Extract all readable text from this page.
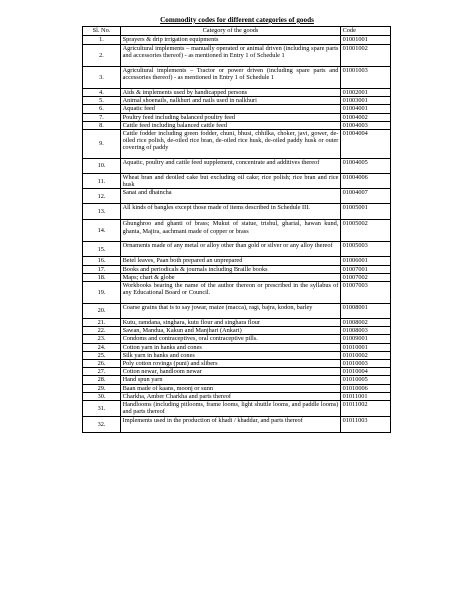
Commodity codes for different categories of goods
Sl. No.	Category of the goods	Code
1.	Sprayers & drip irrigation equipments	01001001
2.	Agricultural implements – manually operated or animal driven (including spare parts and accessories thereof) - as mentioned in Entry 1 of Schedule 1	01001002
3.	Agricultural implements – Tractor or power driven (including spare parts and accessories thereof) - as mentioned in Entry 1 of Schedule 1	01001003
4.	Aids & implements used by handicapped persons	01002001
5.	Animal shoenails, nalkhuri and nails used in nalkhuri	01003001
6.	Aquatic feed	01004001
7.	Poultry feed including balanced poultry feed	01004002
8.	Cattle feed including balanced cattle feed	01004003
9.	Cattle fodder including green fodder, chuni, bhusi, chhilka, choker, javi, gower, de-oiled rice polish, de-oiled rice bran, de-oiled rice husk, de-oiled paddy husk or outer covering of paddy	01004004
10.	Aquatic, poultry and cattle feed supplement, concentrate and additives thereof	01004005
11.	Wheat bran and deoiled cake but excluding oil cake; rice polish; rice bran and rice husk	01004006
12.	Sanai and dhaincha	01004007
13.	All kinds of bangles except those made of items described in Schedule III.	01005001
14.	Ghunghroo and ghanti of brass; Mukut of statue, trishul, gharial, hawan kund, ghanta, Majira, aachmani made of copper or brass	01005002
15.	Ornaments made of any metal or alloy other than gold or silver or any alloy thereof	01005003
16.	Betel leaves, Paan both prepared an unprepared	01006001
17.	Books and periodicals & journals including Braille books	01007001
18.	Maps; chart & globe	01007002
19.	Workbooks bearing the name of the author thereon or prescribed in the syllabus of any Educational Board or Council.	01007003
20.	Coarse grains that is to say jowar, maize (macca), ragi, bajra, kodon, barley	01008001
21.	Kutu, ramdana, singhara, kutu flour and singhara flour	01008002
22.	Sawan, Mandua, Kakun and Manjhari (Ankari)	01008003
23.	Condoms and contraceptives, oral contraceptive pills.	01009001
24.	Cotton yarn in hanks and cones	01010001
25.	Silk yarn in hanks and cones	01010002
26.	Poly cotton rovings (puni) and slibers	01010003
27.	Cotton newar, handloom newar	01010004
28.	Hand spun yarn	01010005
29.	Baan made of kaans, moonj or sunn	01010006
30.	Charkha, Amber Charkha and parts thereof	01011001
31.	Handlooms (including pitlooms, frame looms, light shuttle looms, and paddle looms) and parts thereof	01011002
32.	Implements used in the production of khadi / khaddar, and parts thereof	01011003
